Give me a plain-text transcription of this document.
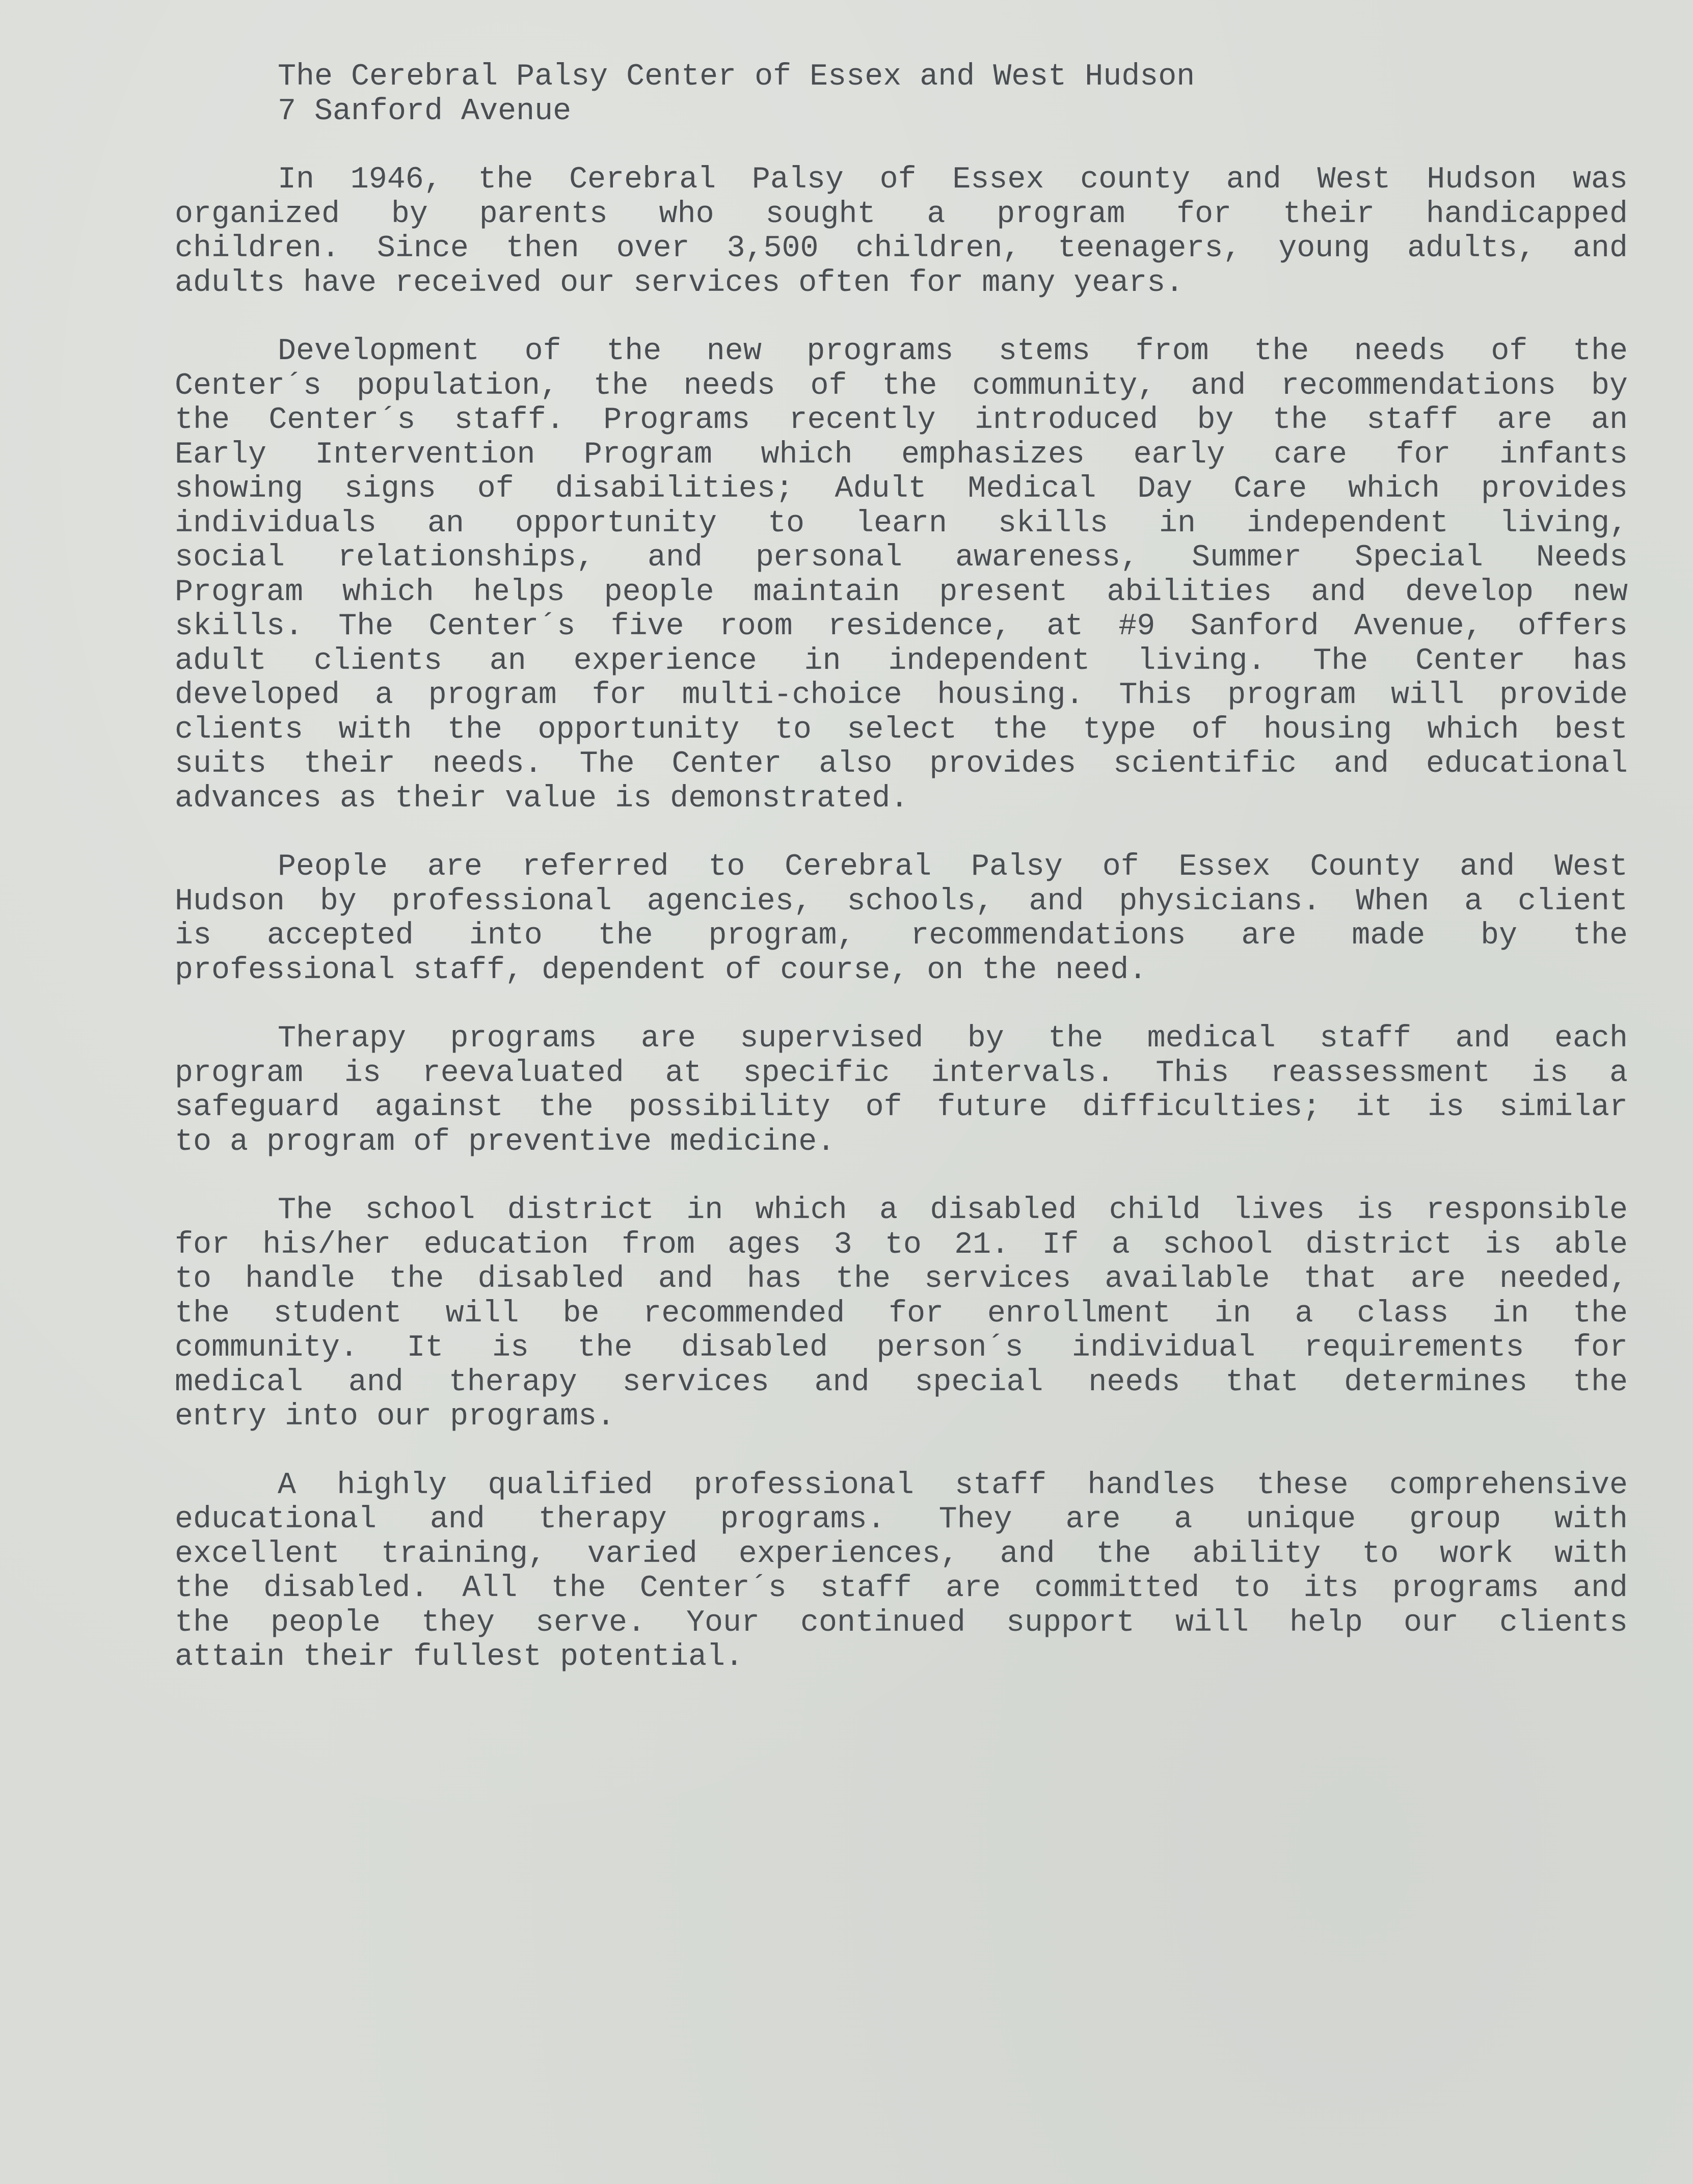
The Cerebral Palsy Center of Essex and West Hudson
7 Sanford Avenue
In 1946, the Cerebral Palsy of Essex county and West Hudson was
organized by parents who sought a program for their handicapped
children. Since then over 3,500 children, teenagers, young adults, and
adults have received our services often for many years.
Development of the new programs stems from the needs of the
Center´s population, the needs of the community, and recommendations by
the Center´s staff. Programs recently introduced by the staff are an
Early Intervention Program which emphasizes early care for infants
showing signs of disabilities; Adult Medical Day Care which provides
individuals an opportunity to learn skills in independent living,
social relationships, and personal awareness, Summer Special Needs
Program which helps people maintain present abilities and develop new
skills. The Center´s five room residence, at #9 Sanford Avenue, offers
adult clients an experience in independent living. The Center has
developed a program for multi-choice housing. This program will provide
clients with the opportunity to select the type of housing which best
suits their needs. The Center also provides scientific and educational
advances as their value is demonstrated.
People are referred to Cerebral Palsy of Essex County and West
Hudson by professional agencies, schools, and physicians. When a client
is accepted into the program, recommendations are made by the
professional staff, dependent of course, on the need.
Therapy programs are supervised by the medical staff and each
program is reevaluated at specific intervals. This reassessment is a
safeguard against the possibility of future difficulties; it is similar
to a program of preventive medicine.
The school district in which a disabled child lives is responsible
for his/her education from ages 3 to 21. If a school district is able
to handle the disabled and has the services available that are needed,
the student will be recommended for enrollment in a class in the
community. It is the disabled person´s individual requirements for
medical and therapy services and special needs that determines the
entry into our programs.
A highly qualified professional staff handles these comprehensive
educational and therapy programs. They are a unique group with
excellent training, varied experiences, and the ability to work with
the disabled. All the Center´s staff are committed to its programs and
the people they serve. Your continued support will help our clients
attain their fullest potential.
